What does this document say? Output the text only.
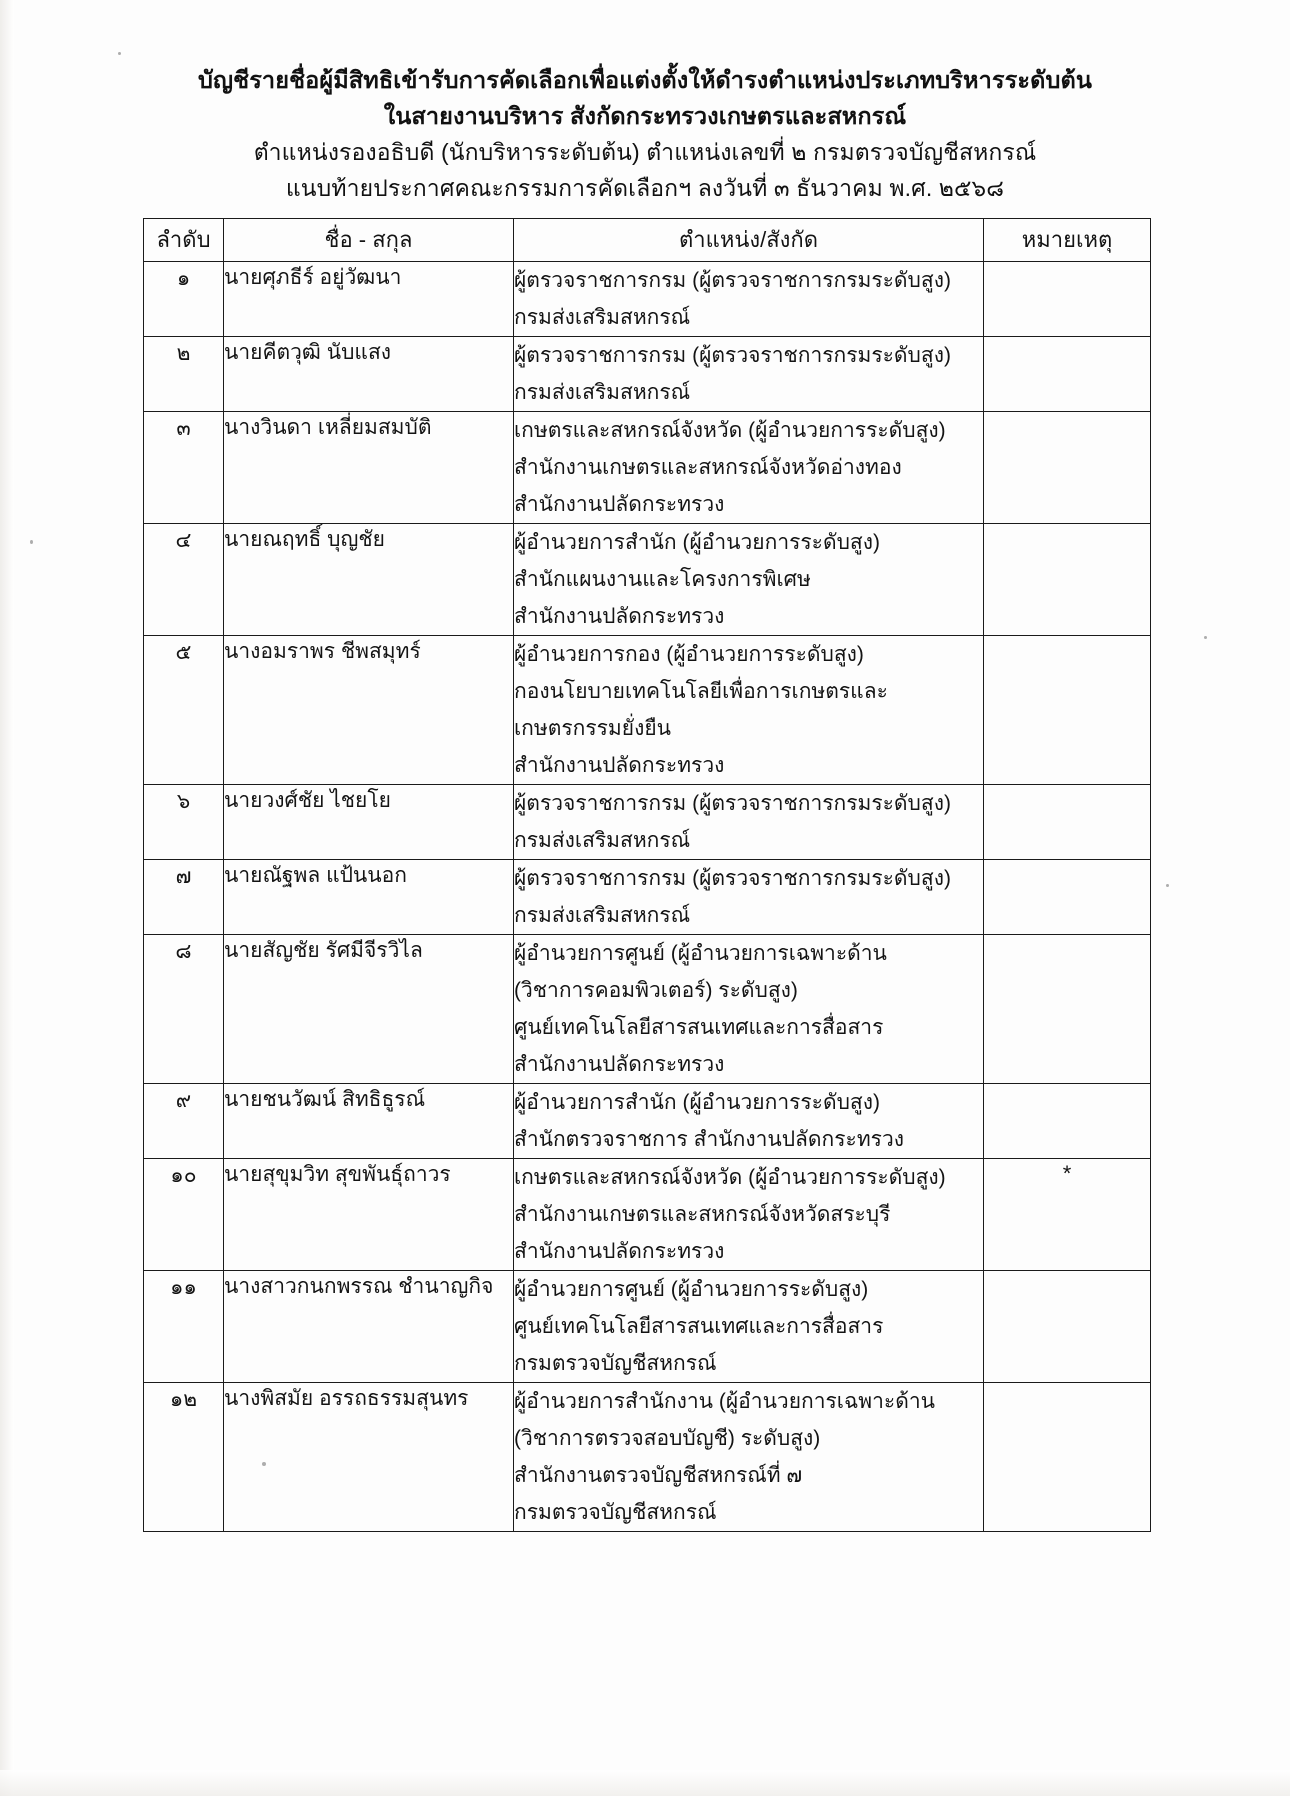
บัญชีรายชื่อผู้มีสิทธิเข้ารับการคัดเลือกเพื่อแต่งตั้งให้ดำรงตำแหน่งประเภทบริหารระดับต้น
ในสายงานบริหาร สังกัดกระทรวงเกษตรและสหกรณ์
ตำแหน่งรองอธิบดี (นักบริหารระดับต้น) ตำแหน่งเลขที่ ๒ กรมตรวจบัญชีสหกรณ์
แนบท้ายประกาศคณะกรรมการคัดเลือกฯ ลงวันที่ ๓ ธันวาคม พ.ศ. ๒๕๖๘
ลำดับ	ชื่อ - สกุล	ตำแหน่ง/สังกัด	หมายเหตุ
๑	นายศุภธีร์ อยู่วัฒนา	ผู้ตรวจราชการกรม (ผู้ตรวจราชการกรมระดับสูง)
กรมส่งเสริมสหกรณ์	

๒	นายคีตวุฒิ นับแสง	ผู้ตรวจราชการกรม (ผู้ตรวจราชการกรมระดับสูง)
กรมส่งเสริมสหกรณ์	

๓	นางวินดา เหลี่ยมสมบัติ	เกษตรและสหกรณ์จังหวัด (ผู้อำนวยการระดับสูง)
สำนักงานเกษตรและสหกรณ์จังหวัดอ่างทอง
สำนักงานปลัดกระทรวง	

๔	นายณฤทธิ์ บุญชัย	ผู้อำนวยการสำนัก (ผู้อำนวยการระดับสูง)
สำนักแผนงานและโครงการพิเศษ
สำนักงานปลัดกระทรวง	

๕	นางอมราพร ชีพสมุทร์	ผู้อำนวยการกอง (ผู้อำนวยการระดับสูง)
กองนโยบายเทคโนโลยีเพื่อการเกษตรและ
เกษตรกรรมยั่งยืน
สำนักงานปลัดกระทรวง	

๖	นายวงศ์ชัย ไชยโย	ผู้ตรวจราชการกรม (ผู้ตรวจราชการกรมระดับสูง)
กรมส่งเสริมสหกรณ์	

๗	นายณัฐพล แป้นนอก	ผู้ตรวจราชการกรม (ผู้ตรวจราชการกรมระดับสูง)
กรมส่งเสริมสหกรณ์	

๘	นายสัญชัย รัศมีจีรวิไล	ผู้อำนวยการศูนย์ (ผู้อำนวยการเฉพาะด้าน
(วิชาการคอมพิวเตอร์) ระดับสูง)
ศูนย์เทคโนโลยีสารสนเทศและการสื่อสาร
สำนักงานปลัดกระทรวง	

๙	นายชนวัฒน์ สิทธิธูรณ์	ผู้อำนวยการสำนัก (ผู้อำนวยการระดับสูง)
สำนักตรวจราชการ สำนักงานปลัดกระทรวง	

๑๐	นายสุขุมวิท สุขพันธุ์ถาวร	เกษตรและสหกรณ์จังหวัด (ผู้อำนวยการระดับสูง)
สำนักงานเกษตรและสหกรณ์จังหวัดสระบุรี
สำนักงานปลัดกระทรวง	*
๑๑	นางสาวกนกพรรณ ชำนาญกิจ	ผู้อำนวยการศูนย์ (ผู้อำนวยการระดับสูง)
ศูนย์เทคโนโลยีสารสนเทศและการสื่อสาร
กรมตรวจบัญชีสหกรณ์	

๑๒	นางพิสมัย อรรถธรรมสุนทร	ผู้อำนวยการสำนักงาน (ผู้อำนวยการเฉพาะด้าน
(วิชาการตรวจสอบบัญชี) ระดับสูง)
สำนักงานตรวจบัญชีสหกรณ์ที่ ๗
กรมตรวจบัญชีสหกรณ์	
